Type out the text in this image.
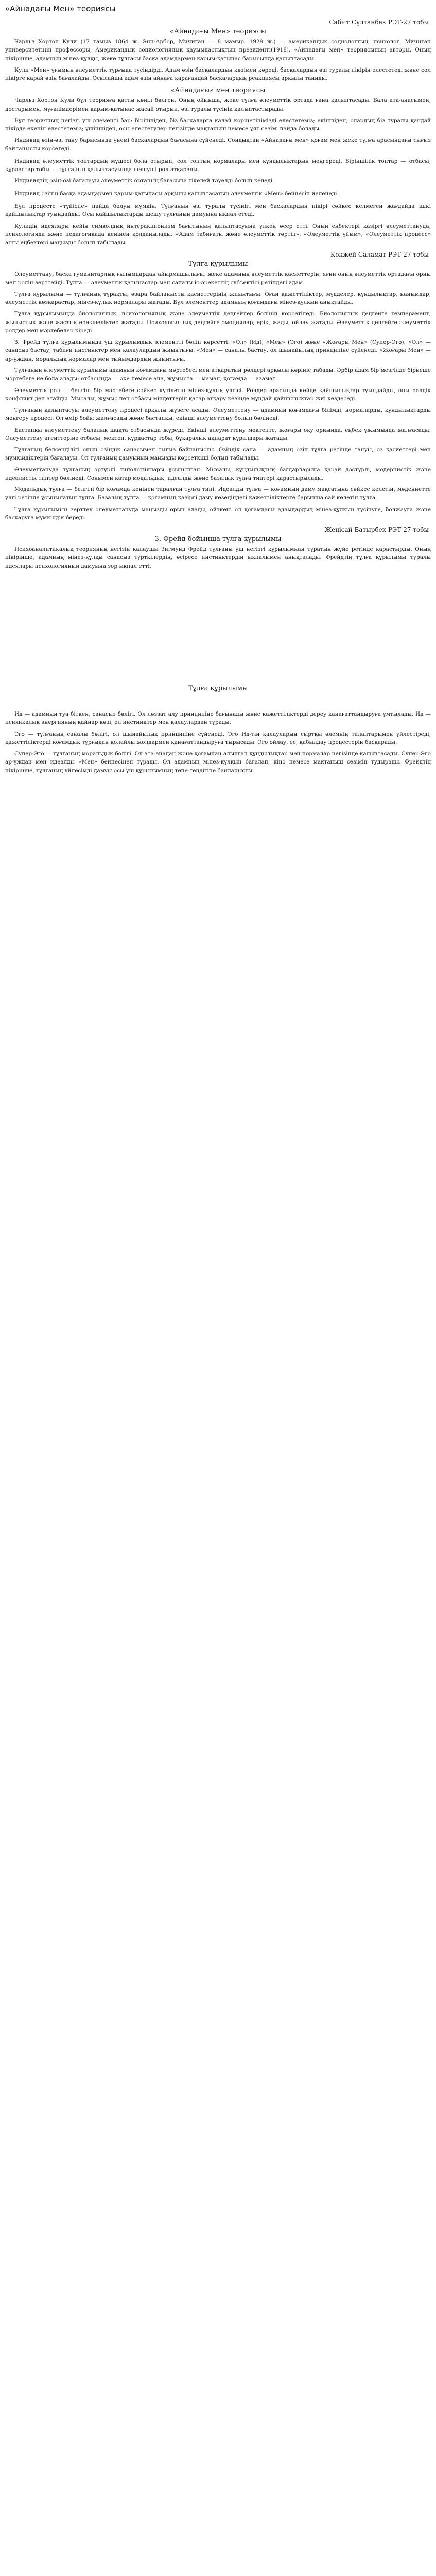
«Айнадағы Мен» теориясы
Сабыт Сүлтанбек РЭТ-27 тобы
«Айнадағы Мен» теориясы

Чарльз Хортон Кули (17 тамыз 1864 ж. Энн-Арбор, Мичиган — 8 мамыр, 1929 ж.) — американдық социологтың, психолог, Мичиган университетінің профессоры, Американдық социологиялық қауымдастықтың президенті(1918). «Айнадағы мен» теориясының авторы. Оның пікірінше, адамның мінез-құлқы, жеке тұлғасы басқа адамдармен қарым-қатынас барысында қалыптасады.

Кули «Мен» ұғымын әлеуметтік тұрғыда түсіндірді. Адам өзін басқалардың көзімен көреді, басқалардың өзі туралы пікірін елестетеді және сол пікірге қарай өзін бағалайды. Осылайша адам өзін айнаға қарағандай басқалардың реакциясы арқылы таниды.

«Айнадағы» мен теориясы

Чарльз Хортон Кули бұл теорияға қатты көңіл бөлген. Оның ойынша, жеке тұлға әлеуметтік ортада ғана қалыптасады. Бала ата-анасымен, достарымен, мұғалімдерімен қарым-қатынас жасай отырып, өзі туралы түсінік қалыптастырады.

Бұл теорияның негізгі үш элементі бар: біріншіден, біз басқаларға қалай көрінетінімізді елестетеміз; екіншіден, олардың біз туралы қандай пікірде екенін елестетеміз; үшіншіден, осы елестетулер негізінде мақтаныш немесе ұят сезімі пайда болады.

Индивид өзін-өзі тану барысында үнемі басқалардың бағасына сүйенеді. Сондықтан «Айнадағы мен» қоғам мен жеке тұлға арасындағы тығыз байланысты көрсетеді.

Индивид әлеуметтік топтардың мүшесі бола отырып, сол топтың нормалары мен құндылықтарын меңгереді. Біріншілік топтар — отбасы, құрдастар тобы — тұлғаның қалыптасуында шешуші рөл атқарады.

Индивидтің өзін-өзі бағалауы әлеуметтік ортаның бағасына тікелей тәуелді болып келеді.

Индивид өзінің басқа адамдармен қарым-қатынасы арқылы қалыптасатын әлеуметтік «Мен» бейнесін иеленеді.

Бұл процесте «түйіспе» пайда болуы мүмкін. Тұлғаның өзі туралы түсінігі мен басқалардың пікірі сәйкес келмеген жағдайда ішкі қайшылықтар туындайды. Осы қайшылықтарды шешу тұлғаның дамуына ықпал етеді.

Кулидің идеялары кейін символдық интеракционизм бағытының қалыптасуына үлкен әсер етті. Оның еңбектері қазіргі әлеуметтануда, психологияда және педагогикада кеңінен қолданылады. «Адам табиғаты және әлеуметтік тәртіп», «Әлеуметтік ұйым», «Әлеуметтік процесс» атты еңбектері маңызды болып табылады.

Кокжей Саламат РЭТ-27 тобы
Тұлға құрылымы

Әлеуметтану, басқа гуманитарлық ғылымдардан айырмашылығы, жеке адамның әлеуметтік қасиеттерін, яғни оның әлеуметтік ортадағы орны мен рөлін зерттейді. Тұлға — әлеуметтік қатынастар мен саналы іс-әрекеттің субъектісі ретіндегі адам.

Тұлға құрылымы — тұлғаның тұрақты, өзара байланысты қасиеттерінің жиынтығы. Оған қажеттіліктер, мүдделер, құндылықтар, нанымдар, әлеуметтік көзқарастар, мінез-құлық нормалары жатады. Бұл элементтер адамның қоғамдағы мінез-құлқын анықтайды.

Тұлға құрылымында биологиялық, психологиялық және әлеуметтік деңгейлер бөлініп көрсетіледі. Биологиялық деңгейге темперамент, жыныстық және жастық ерекшеліктер жатады. Психологиялық деңгейге эмоциялар, ерік, жады, ойлау жатады. Әлеуметтік деңгейге әлеуметтік рөлдер мен мәртебелер кіреді.

З. Фрейд тұлға құрылымында үш құрылымдық элементті бөліп көрсетті: «Ол» (Ид), «Мен» (Эго) және «Жоғары Мен» (Супер-Эго). «Ол» — санасыз бастау, табиғи инстинктер мен қалаулардың жиынтығы. «Мен» — саналы бастау, ол шынайылық принципіне сүйенеді. «Жоғары Мен» — ар-ұждан, моральдық нормалар мен тыйымдардың жиынтығы.

Тұлғаның әлеуметтік құрылымы адамның қоғамдағы мәртебесі мен атқаратын рөлдері арқылы көрініс табады. Әрбір адам бір мезгілде бірнеше мәртебеге ие бола алады: отбасында — әке немесе ана, жұмыста — маман, қоғамда — азамат.

Әлеуметтік рөл — белгілі бір мәртебеге сәйкес күтілетін мінез-құлық үлгісі. Рөлдер арасында кейде қайшылықтар туындайды, оны рөлдік конфликт деп атайды. Мысалы, жұмыс пен отбасы міндеттерін қатар атқару кезінде мұндай қайшылықтар жиі кездеседі.

Тұлғаның қалыптасуы әлеуметтену процесі арқылы жүзеге асады. Әлеуметтену — адамның қоғамдағы білімді, нормаларды, құндылықтарды меңгеру процесі. Ол өмір бойы жалғасады және бастапқы, екінші әлеуметтену болып бөлінеді.

Бастапқы әлеуметтену балалық шақта отбасында жүреді. Екінші әлеуметтену мектепте, жоғары оқу орнында, еңбек ұжымында жалғасады. Әлеуметтену агенттеріне отбасы, мектеп, құрдастар тобы, бұқаралық ақпарат құралдары жатады.

Тұлғаның белсенділігі оның өзіндік санасымен тығыз байланысты. Өзіндік сана — адамның өзін тұлға ретінде тануы, өз қасиеттері мен мүмкіндіктерін бағалауы. Ол тұлғаның дамуының маңызды көрсеткіші болып табылады.

Әлеуметтануда тұлғаның әртүрлі типологиялары ұсынылған. Мысалы, құндылықтық бағдарларына қарай дәстүрлі, модернистік және идеалистік типтер бөлінеді. Сонымен қатар модальдық, идеалды және базалық тұлға типтері қарастырылады.

Модальдық тұлға — белгілі бір қоғамда кеңінен таралған тұлға типі. Идеалды тұлға — қоғамның даму мақсатына сәйкес келетін, мәдениетте үлгі ретінде ұсынылатын тұлға. Базалық тұлға — қоғамның қазіргі даму кезеңіндегі қажеттіліктерге барынша сай келетін тұлға.

Тұлға құрылымын зерттеу әлеуметтануда маңызды орын алады, өйткені ол қоғамдағы адамдардың мінез-құлқын түсінуге, болжауға және басқаруға мүмкіндік береді.

Жеңісай Батырбек РЭТ-27 тобы
3. Фрейд бойынша тұлға құрылымы

Психоаналитикалық теорияның негізін қалаушы Зигмунд Фрейд тұлғаны үш негізгі құрылымнан тұратын жүйе ретінде қарастырды. Оның пікірінше, адамның мінез-құлқы санасыз түрткілердің, әсіресе инстинктердің ықпалымен анықталады. Фрейдтің тұлға құрылымы туралы идеялары психологияның дамуына зор ықпал етті.

Тұлға құрылымы

Ид — адамның туа біткен, санасыз бөлігі. Ол ләззат алу принципіне бағынады және қажеттіліктерді дереу қанағаттандыруға ұмтылады. Ид — психикалық энергияның қайнар көзі, ол инстинктер мен қалаулардан тұрады.

Эго — тұлғаның саналы бөлігі, ол шынайылық принципіне сүйенеді. Эго Ид-тің қалауларын сыртқы әлемнің талаптарымен үйлестіреді, қажеттіліктерді қоғамдық тұрғыдан қолайлы жолдармен қанағаттандыруға тырысады. Эго ойлау, ес, қабылдау процестерін басқарады.

Супер-Эго — тұлғаның моральдық бөлігі. Ол ата-анадан және қоғамнан алынған құндылықтар мен нормалар негізінде қалыптасады. Супер-Эго ар-ұждан мен идеалды «Мен» бейнесінен тұрады. Ол адамның мінез-құлқын бағалап, кінә немесе мақтаныш сезімін тудырады. Фрейдтің пікірінше, тұлғаның үйлесімді дамуы осы үш құрылымның тепе-теңдігіне байланысты.
